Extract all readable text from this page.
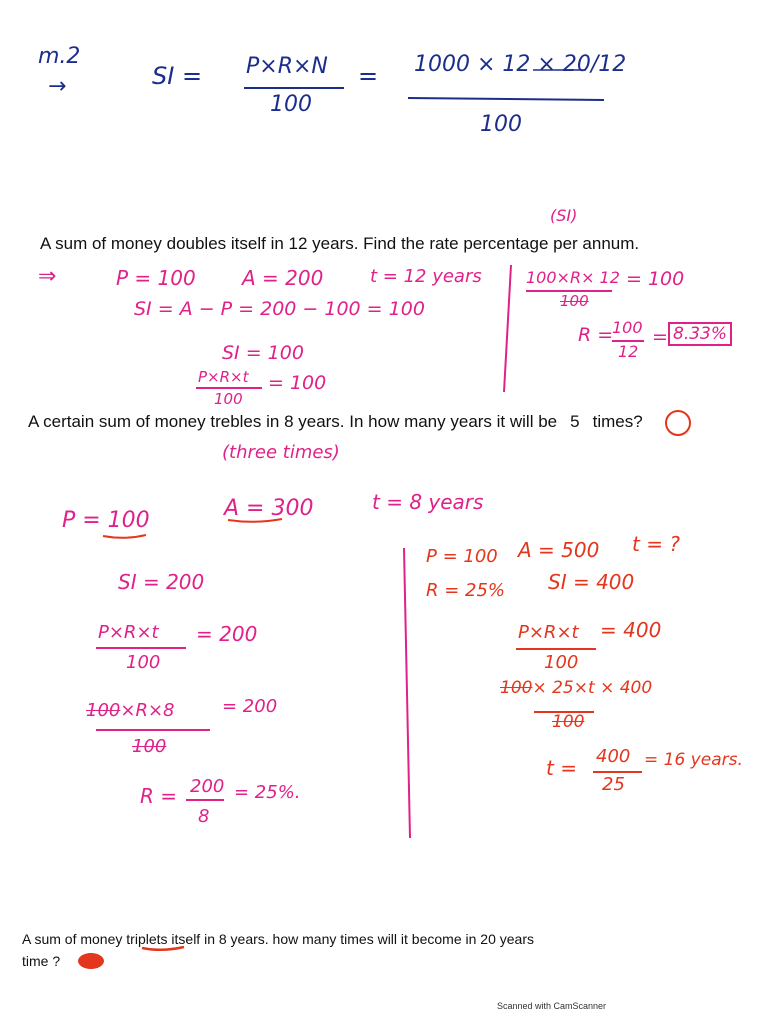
m.2
→	SI = P×R×N
100
= 1000 × 12 × 20/12
100
A sum of money doubles itself in 12 years. Find the rate percentage per annum.
(SI)
⇒	P = 100 A = 200	t = 12 years
SI = A − P = 200 − 100 = 100
SI = 100
P×R×t
100
= 100
100×R× 12
100
= 100
R =
100
12
= 8.33%
A certain sum of money trebles in 8 years. In how many years it will be 5 times?
(three times)
P = 100	A = 300	t = 8 years
SI = 200
P×R×t
100
= 200
100×R×8
100
= 200
R = 200
8
= 25%.
P = 100 A = 500 t = ?
R = 25% SI = 400
P×R×t
100
= 400
100× 25×t × 400
100
t = 400
25
= 16 years.
A sum of money triplets itself in 8 years. how many times will it become in 20 years
time ?
Scanned with CamScanner
